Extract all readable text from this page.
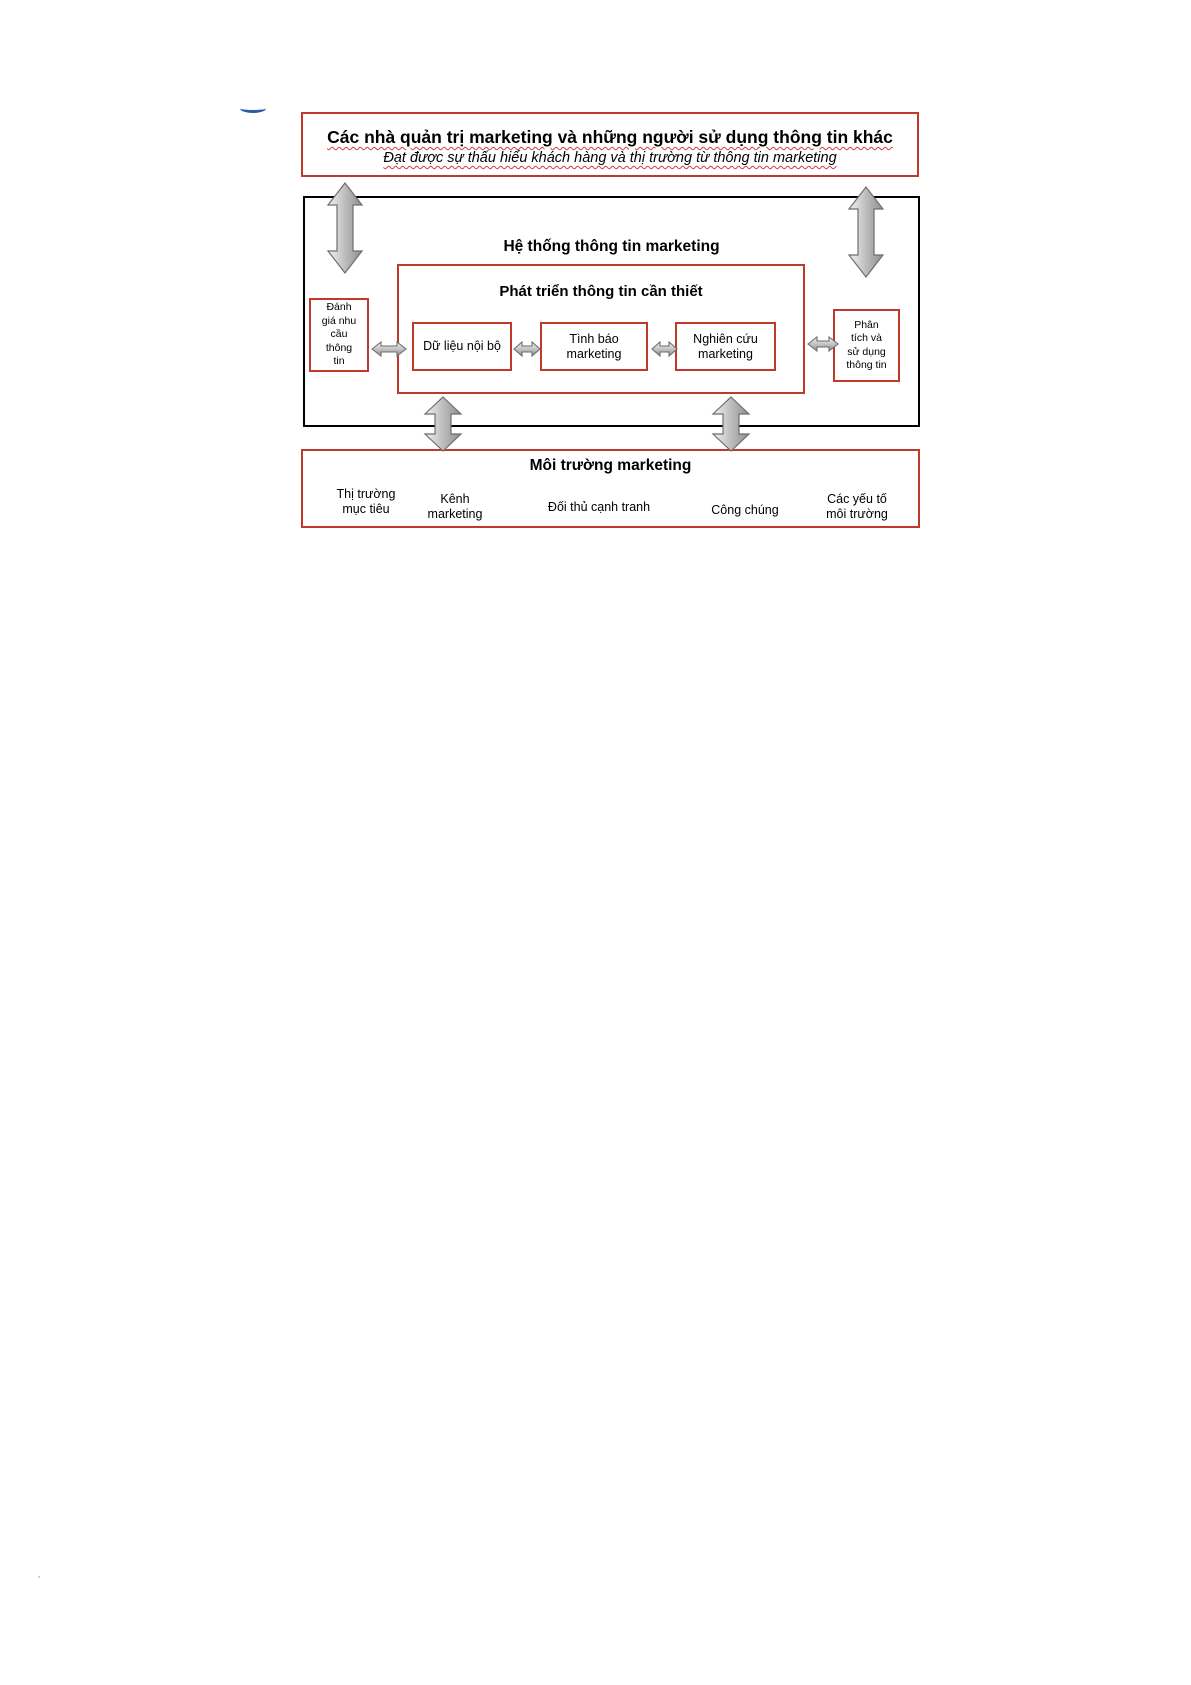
Các nhà quản trị marketing và những người sử dụng thông tin khác
Đạt được sự thấu hiểu khách hàng và thị trường từ thông tin marketing
Hệ thống thông tin marketing
Phát triển thông tin cần thiết
Dữ liệu nội bộ
Tình báo
marketing
Nghiên cứu
marketing
Đánh
giá nhu
cầu
thông
tin
Phân
tích và
sử dụng
thông tin
Môi trường marketing
Thị trường
mục tiêu
Kênh
marketing	Đối thủ cạnh tranh	Công chúng
Các yếu tố
môi trường
